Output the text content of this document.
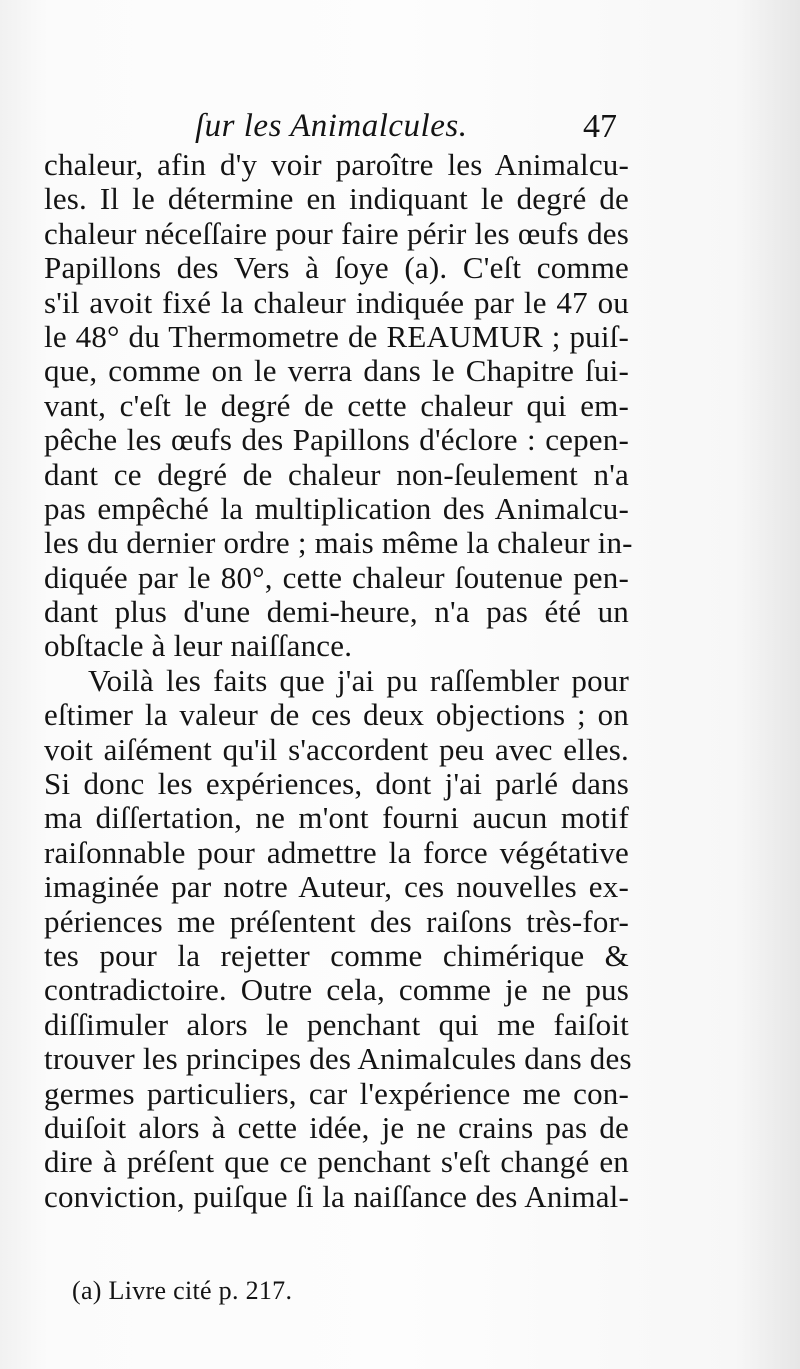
ſur les Animalcules.	47
chaleur, afin d'y voir paroître les Animalcu-
les. Il le détermine en indiquant le degré de
chaleur néceſſaire pour faire périr les œufs des
Papillons des Vers à ſoye (a). C'eſt comme
s'il avoit fixé la chaleur indiquée par le 47 ou
le 48° du Thermometre de REAUMUR ; puiſ-
que, comme on le verra dans le Chapitre ſui-
vant, c'eſt le degré de cette chaleur qui em-
pêche les œufs des Papillons d'éclore : cepen-
dant ce degré de chaleur non-ſeulement n'a
pas empêché la multiplication des Animalcu-
les du dernier ordre ; mais même la chaleur in-
diquée par le 80°, cette chaleur ſoutenue pen-
dant plus d'une demi-heure, n'a pas été un
obſtacle à leur naiſſance.
Voilà les faits que j'ai pu raſſembler pour
eſtimer la valeur de ces deux objections ; on
voit aiſément qu'il s'accordent peu avec elles.
Si donc les expériences, dont j'ai parlé dans
ma diſſertation, ne m'ont fourni aucun motif
raiſonnable pour admettre la force végétative
imaginée par notre Auteur, ces nouvelles ex-
périences me préſentent des raiſons très-for-
tes pour la rejetter comme chimérique &
contradictoire. Outre cela, comme je ne pus
diſſimuler alors le penchant qui me faiſoit
trouver les principes des Animalcules dans des
germes particuliers, car l'expérience me con-
duiſoit alors à cette idée, je ne crains pas de
dire à préſent que ce penchant s'eſt changé en
conviction, puiſque ſi la naiſſance des Animal-
(a) Livre cité p. 217.
